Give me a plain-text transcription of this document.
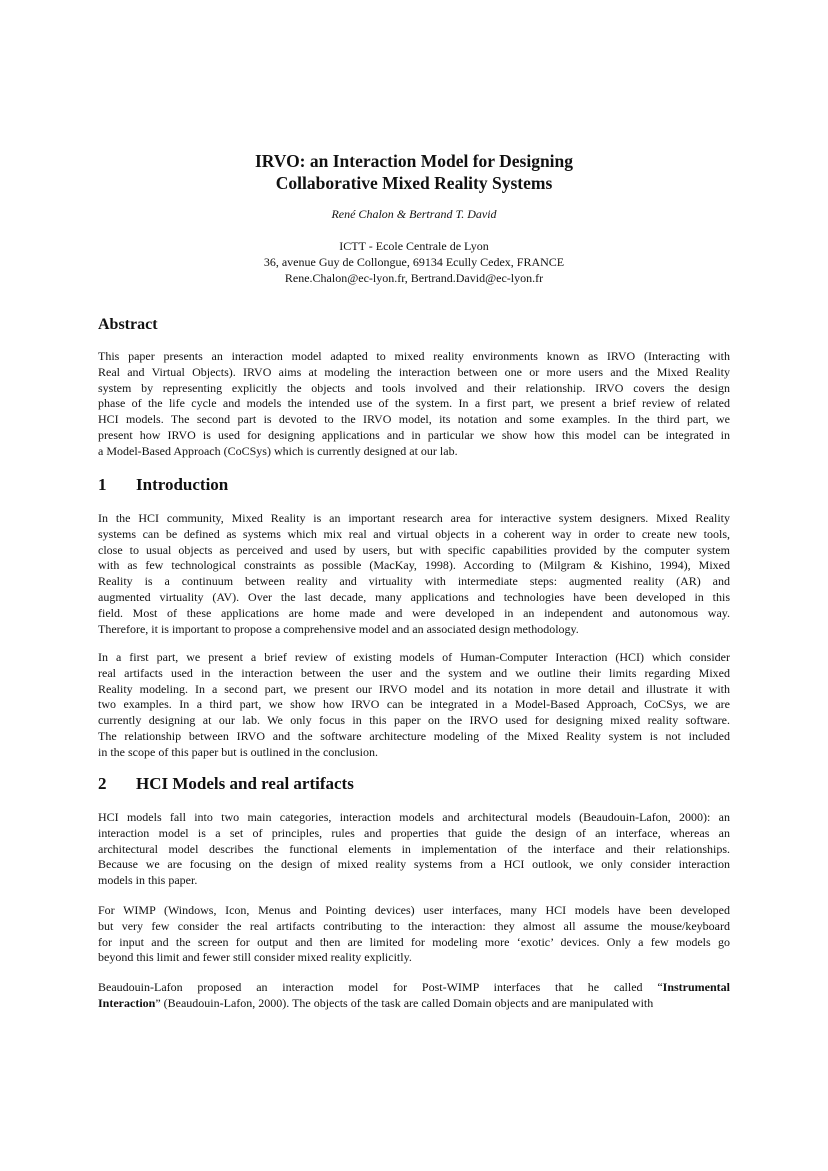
IRVO: an Interaction Model for Designing
Collaborative Mixed Reality Systems
René Chalon & Bertrand T. David
ICTT - Ecole Centrale de Lyon
36, avenue Guy de Collongue, 69134 Ecully Cedex, FRANCE
Rene.Chalon@ec-lyon.fr, Bertrand.David@ec-lyon.fr
Abstract
This paper presents an interaction model adapted to mixed reality environments known as IRVO (Interacting with
Real and Virtual Objects). IRVO aims at modeling the interaction between one or more users and the Mixed Reality
system by representing explicitly the objects and tools involved and their relationship. IRVO covers the design
phase of the life cycle and models the intended use of the system. In a first part, we present a brief review of related
HCI models. The second part is devoted to the IRVO model, its notation and some examples. In the third part, we
present how IRVO is used for designing applications and in particular we show how this model can be integrated in
a Model-Based Approach (CoCSys) which is currently designed at our lab.
1 Introduction
In the HCI community, Mixed Reality is an important research area for interactive system designers. Mixed Reality
systems can be defined as systems which mix real and virtual objects in a coherent way in order to create new tools,
close to usual objects as perceived and used by users, but with specific capabilities provided by the computer system
with as few technological constraints as possible (MacKay, 1998). According to (Milgram & Kishino, 1994), Mixed
Reality is a continuum between reality and virtuality with intermediate steps: augmented reality (AR) and
augmented virtuality (AV). Over the last decade, many applications and technologies have been developed in this
field. Most of these applications are home made and were developed in an independent and autonomous way.
Therefore, it is important to propose a comprehensive model and an associated design methodology.
In a first part, we present a brief review of existing models of Human-Computer Interaction (HCI) which consider
real artifacts used in the interaction between the user and the system and we outline their limits regarding Mixed
Reality modeling. In a second part, we present our IRVO model and its notation in more detail and illustrate it with
two examples. In a third part, we show how IRVO can be integrated in a Model-Based Approach, CoCSys, we are
currently designing at our lab. We only focus in this paper on the IRVO used for designing mixed reality software.
The relationship between IRVO and the software architecture modeling of the Mixed Reality system is not included
in the scope of this paper but is outlined in the conclusion.
2 HCI Models and real artifacts
HCI models fall into two main categories, interaction models and architectural models (Beaudouin-Lafon, 2000): an
interaction model is a set of principles, rules and properties that guide the design of an interface, whereas an
architectural model describes the functional elements in implementation of the interface and their relationships.
Because we are focusing on the design of mixed reality systems from a HCI outlook, we only consider interaction
models in this paper.
For WIMP (Windows, Icon, Menus and Pointing devices) user interfaces, many HCI models have been developed
but very few consider the real artifacts contributing to the interaction: they almost all assume the mouse/keyboard
for input and the screen for output and then are limited for modeling more ‘exotic’ devices. Only a few models go
beyond this limit and fewer still consider mixed reality explicitly.
Beaudouin-Lafon proposed an interaction model for Post-WIMP interfaces that he called “Instrumental
Interaction” (Beaudouin-Lafon, 2000). The objects of the task are called Domain objects and are manipulated with
